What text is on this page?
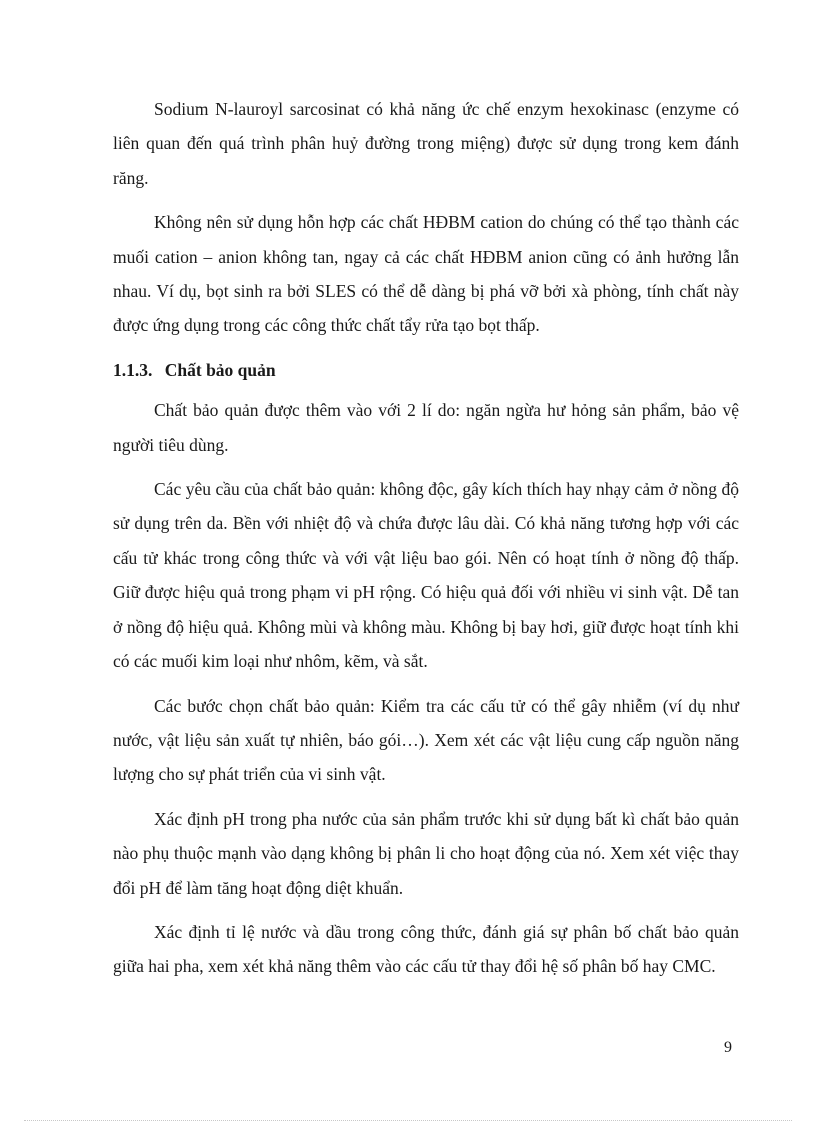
Sodium N-lauroyl sarcosinat có khả năng ức chế enzym hexokinasc (enzyme có liên quan đến quá trình phân huỷ đường trong miệng) được sử dụng trong kem đánh răng.

Không nên sử dụng hỗn hợp các chất HĐBM cation do chúng có thể tạo thành các muối cation – anion không tan, ngay cả các chất HĐBM anion cũng có ảnh hưởng lẫn nhau. Ví dụ, bọt sinh ra bởi SLES có thể dễ dàng bị phá vỡ bởi xà phòng, tính chất này được ứng dụng trong các công thức chất tẩy rửa tạo bọt thấp.

1.1.3. Chất bảo quản

Chất bảo quản được thêm vào với 2 lí do: ngăn ngừa hư hỏng sản phẩm, bảo vệ người tiêu dùng.

Các yêu cầu của chất bảo quản: không độc, gây kích thích hay nhạy cảm ở nồng độ sử dụng trên da. Bền với nhiệt độ và chứa được lâu dài. Có khả năng tương hợp với các cấu tử khác trong công thức và với vật liệu bao gói. Nên có hoạt tính ở nồng độ thấp. Giữ được hiệu quả trong phạm vi pH rộng. Có hiệu quả đối với nhiều vi sinh vật. Dễ tan ở nồng độ hiệu quả. Không mùi và không màu. Không bị bay hơi, giữ được hoạt tính khi có các muối kim loại như nhôm, kẽm, và sắt.

Các bước chọn chất bảo quản: Kiểm tra các cấu tử có thể gây nhiễm (ví dụ như nước, vật liệu sản xuất tự nhiên, báo gói…). Xem xét các vật liệu cung cấp nguồn năng lượng cho sự phát triển của vi sinh vật.

Xác định pH trong pha nước của sản phẩm trước khi sử dụng bất kì chất bảo quản nào phụ thuộc mạnh vào dạng không bị phân li cho hoạt động của nó. Xem xét việc thay đổi pH để làm tăng hoạt động diệt khuẩn.

Xác định tỉ lệ nước và dầu trong công thức, đánh giá sự phân bố chất bảo quản giữa hai pha, xem xét khả năng thêm vào các cấu tử thay đổi hệ số phân bố hay CMC.

9
